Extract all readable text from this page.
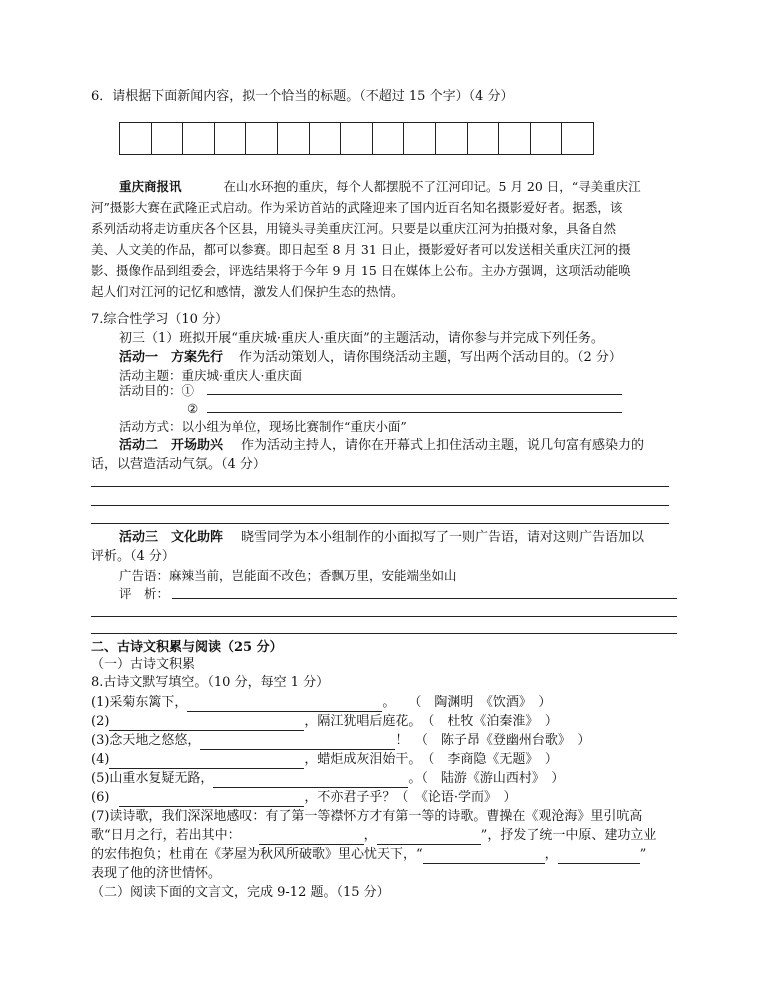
6．请根据下面新闻内容，拟一个恰当的标题。（不超过 15 个字）（4 分）
重庆商报讯	在山水环抱的重庆，每个人都摆脱不了江河印记。5 月 20 日，“寻美重庆江
河”摄影大赛在武隆正式启动。作为采访首站的武隆迎来了国内近百名知名摄影爱好者。据悉，该
系列活动将走访重庆各个区县，用镜头寻美重庆江河。只要是以重庆江河为拍摄对象，具备自然
美、人文美的作品，都可以参赛。即日起至 8 月 31 日止，摄影爱好者可以发送相关重庆江河的摄
影、摄像作品到组委会，评选结果将于今年 9 月 15 日在媒体上公布。主办方强调，这项活动能唤
起人们对江河的记忆和感情，激发人们保护生态的热情。
7.综合性学习（10 分）
初三（1）班拟开展“重庆城·重庆人·重庆面”的主题活动，请你参与并完成下列任务。
活动一　方案先行 作为活动策划人，请你围绕活动主题，写出两个活动目的。（2 分）
活动主题：重庆城·重庆人·重庆面
活动目的：①
②
活动方式：以小组为单位，现场比赛制作“重庆小面”
活动二　开场助兴 作为活动主持人，请你在开幕式上扣住活动主题，说几句富有感染力的
话，以营造活动气氛。（4 分）
活动三　文化助阵 晓雪同学为本小组制作的小面拟写了一则广告语，请对这则广告语加以
评析。（4 分）
广告语：麻辣当前，岂能面不改色；香飘万里，安能端坐如山
评　析：
二、古诗文积累与阅读（25 分）
（一）古诗文积累
8.古诗文默写填空。（10 分，每空 1 分）
(1)采菊东篱下，	。　　（　陶渊明　《饮酒》　）
(2)	，隔江犹唱后庭花。　（　杜牧《泊秦淮》　）
(3)念天地之悠悠，	！　（　陈子昂《登幽州台歌》　）
(4)	，蜡炬成灰泪始干。　（　李商隐《无题》　）
(5)山重水复疑无路，	。（　陆游《游山西村》　）
(6)	，不亦君子乎？（　《论语·学而》　）
(7)读诗歌，我们深深地感叹：有了第一等襟怀方才有第一等的诗歌。曹操在《观沧海》里引吭高
歌“日月之行，若出其中：	，	”，抒发了统一中原、建功立业
的宏伟抱负；杜甫在《茅屋为秋风所破歌》里心忧天下，“	，	”
表现了他的济世情怀。
（二）阅读下面的文言文，完成 9-12 题。（15 分）
